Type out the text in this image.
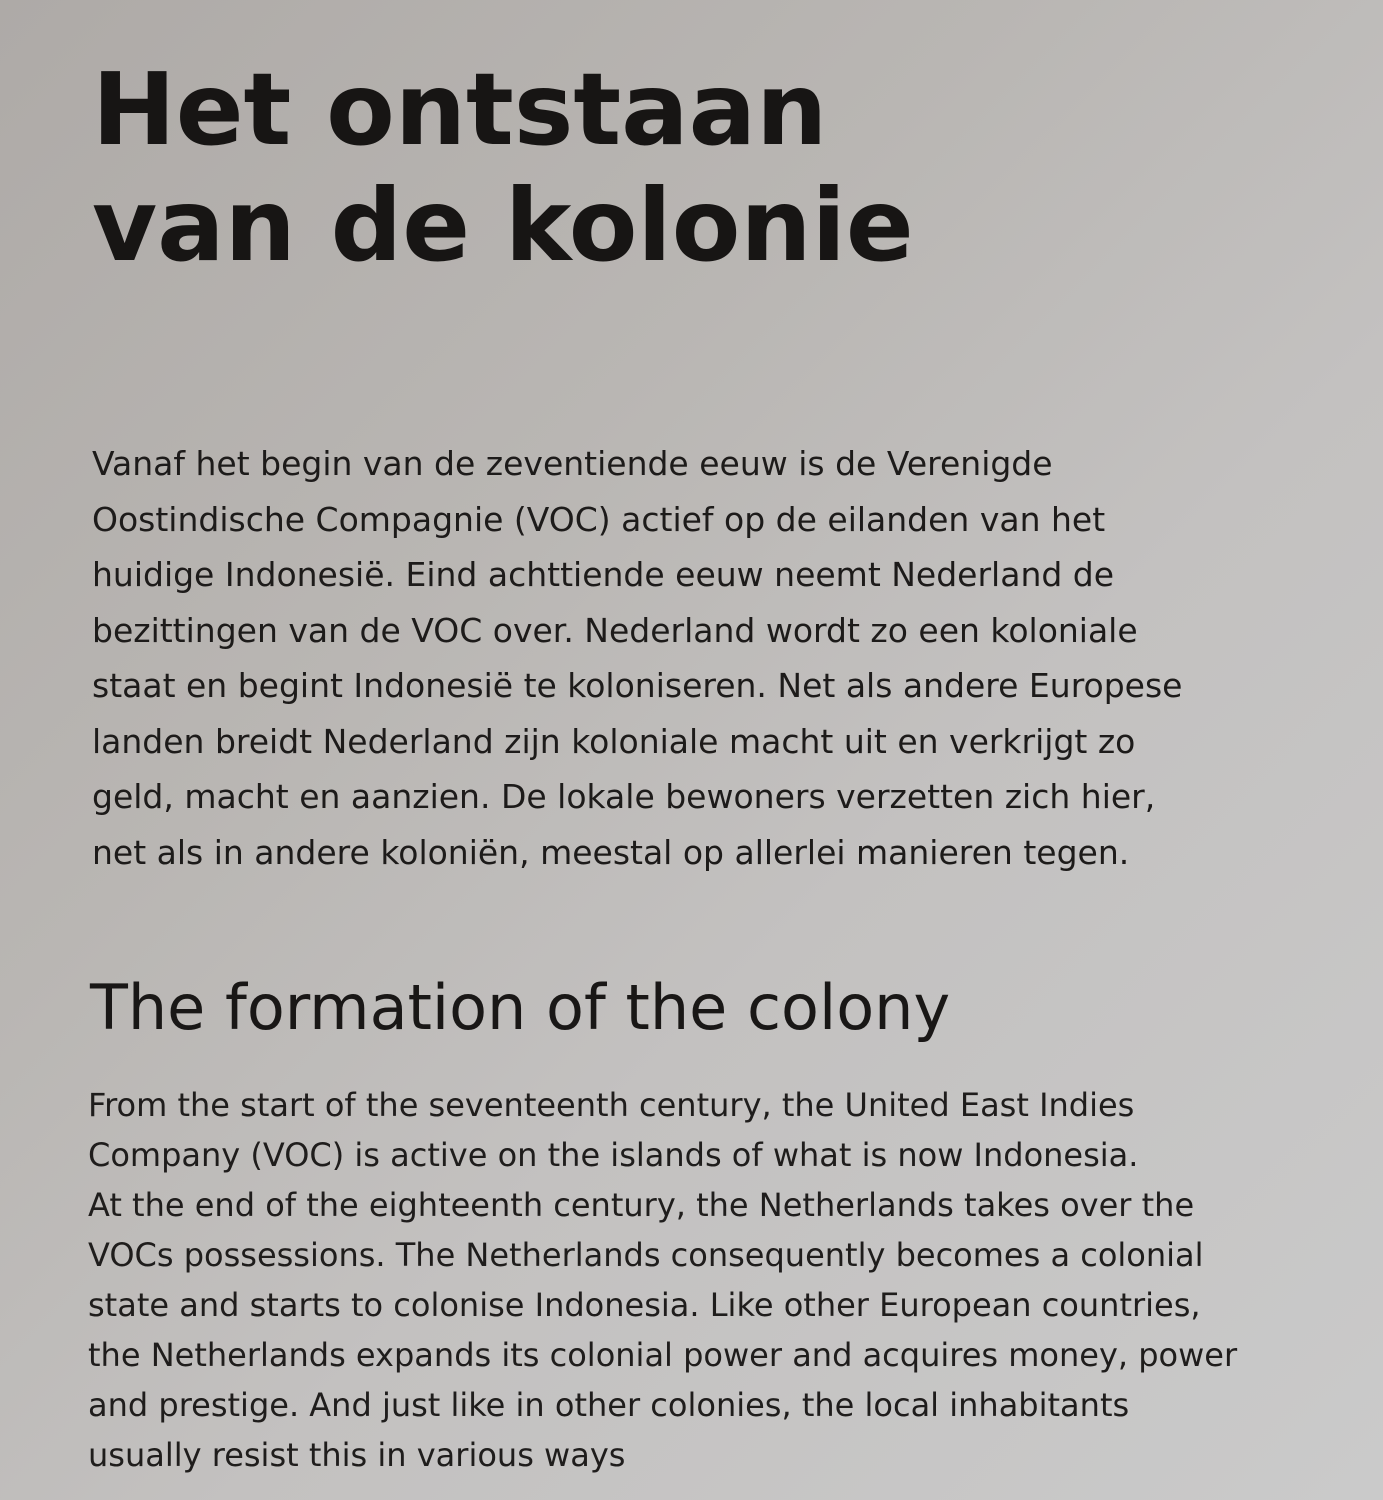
Het ontstaan
van de kolonie

Vanaf het begin van de zeventiende eeuw is de Verenigde
Oostindische Compagnie (VOC) actief op de eilanden van het
huidige Indonesië. Eind achttiende eeuw neemt Nederland de
bezittingen van de VOC over. Nederland wordt zo een koloniale
staat en begint Indonesië te koloniseren. Net als andere Europese
landen breidt Nederland zijn koloniale macht uit en verkrijgt zo
geld, macht en aanzien. De lokale bewoners verzetten zich hier,
net als in andere koloniën, meestal op allerlei manieren tegen.

The formation of the colony

From the start of the seventeenth century, the United East Indies
Company (VOC) is active on the islands of what is now Indonesia.
At the end of the eighteenth century, the Netherlands takes over the
VOCs possessions. The Netherlands consequently becomes a colonial
state and starts to colonise Indonesia. Like other European countries,
the Netherlands expands its colonial power and acquires money, power
and prestige. And just like in other colonies, the local inhabitants
usually resist this in various ways
